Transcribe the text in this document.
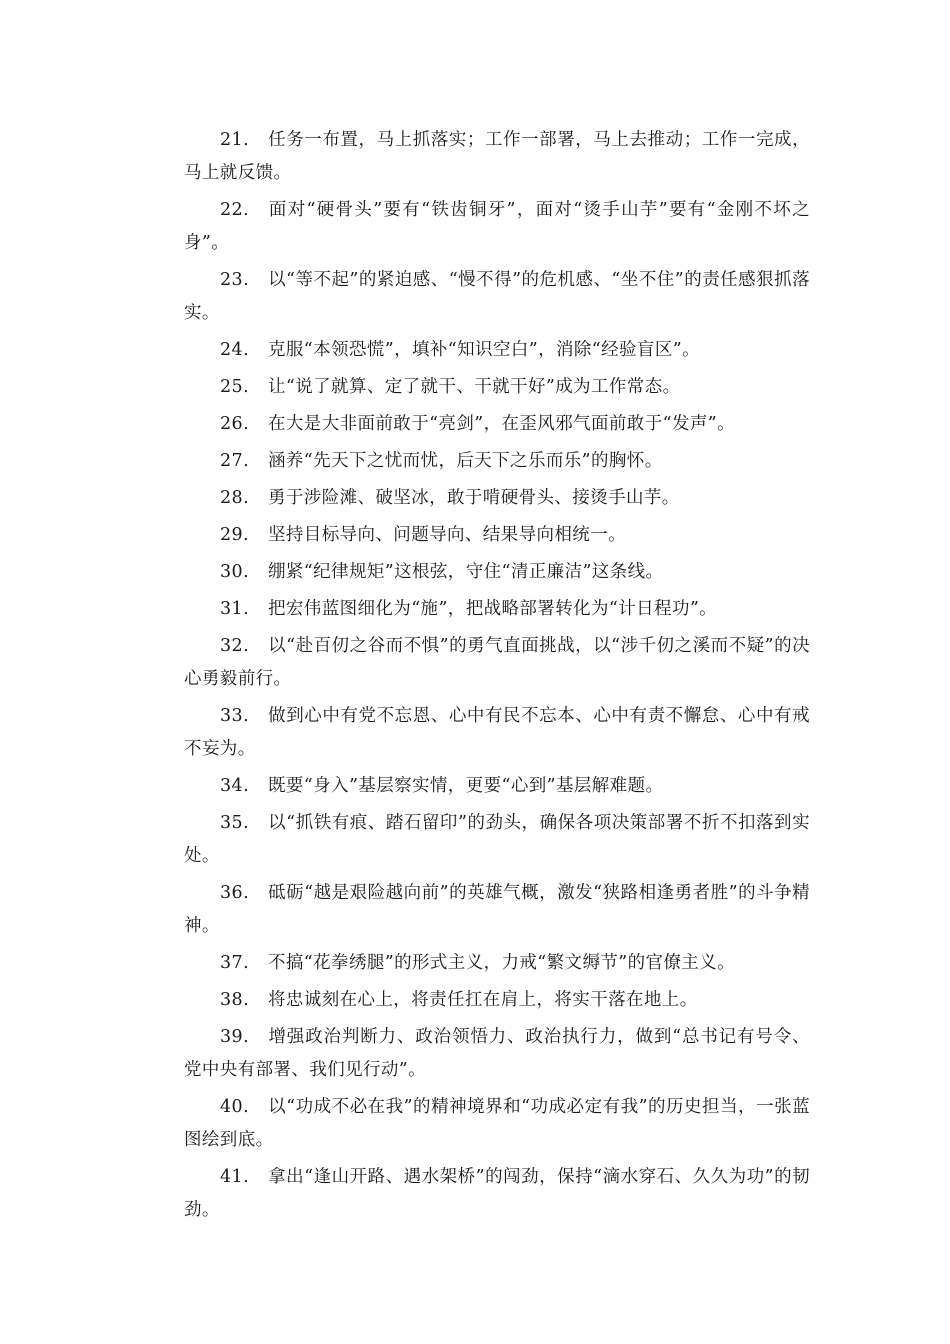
21. 任务一布置，马上抓落实；工作一部署，马上去推动；工作一完成，马上就反馈。

22. 面对“硬骨头”要有“铁齿铜牙”，面对“烫手山芋”要有“金刚不坏之身”。

23. 以“等不起”的紧迫感、“慢不得”的危机感、“坐不住”的责任感狠抓落实。

24. 克服“本领恐慌”，填补“知识空白”，消除“经验盲区”。

25. 让“说了就算、定了就干、干就干好”成为工作常态。

26. 在大是大非面前敢于“亮剑”，在歪风邪气面前敢于“发声”。

27. 涵养“先天下之忧而忧，后天下之乐而乐”的胸怀。

28. 勇于涉险滩、破坚冰，敢于啃硬骨头、接烫手山芋。

29. 坚持目标导向、问题导向、结果导向相统一。

30. 绷紧“纪律规矩”这根弦，守住“清正廉洁”这条线。

31. 把宏伟蓝图细化为“施”，把战略部署转化为“计日程功”。

32. 以“赴百仞之谷而不惧”的勇气直面挑战，以“涉千仞之溪而不疑”的决心勇毅前行。

33. 做到心中有党不忘恩、心中有民不忘本、心中有责不懈怠、心中有戒不妄为。

34. 既要“身入”基层察实情，更要“心到”基层解难题。

35. 以“抓铁有痕、踏石留印”的劲头，确保各项决策部署不折不扣落到实处。

36. 砥砺“越是艰险越向前”的英雄气概，激发“狭路相逢勇者胜”的斗争精神。

37. 不搞“花拳绣腿”的形式主义，力戒“繁文缛节”的官僚主义。

38. 将忠诚刻在心上，将责任扛在肩上，将实干落在地上。

39. 增强政治判断力、政治领悟力、政治执行力，做到“总书记有号令、党中央有部署、我们见行动”。

40. 以“功成不必在我”的精神境界和“功成必定有我”的历史担当，一张蓝图绘到底。

41. 拿出“逢山开路、遇水架桥”的闯劲，保持“滴水穿石、久久为功”的韧劲。
